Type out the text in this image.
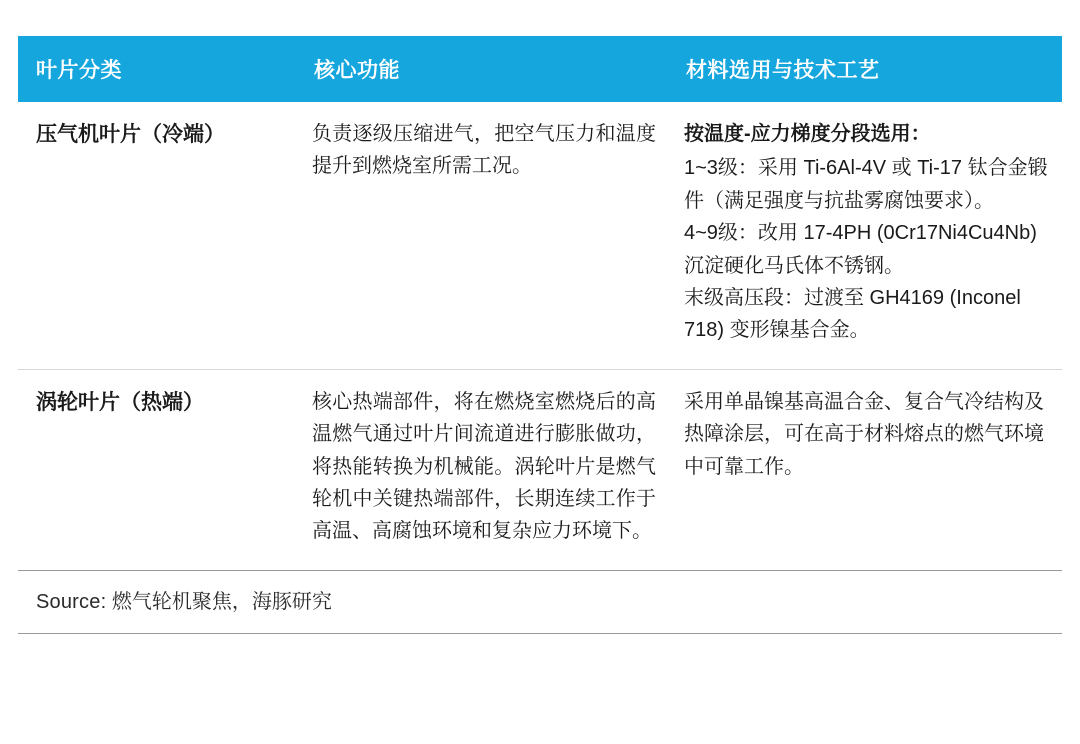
叶片分类	核心功能	材料选用与技术工艺
压气机叶片（冷端）	负责逐级压缩进气，把空气压力和温度提升到燃烧室所需工况。	按温度-应力梯度分段选用：
1~3级：采用 Ti-6Al-4V 或 Ti-17 钛合金锻件（满足强度与抗盐雾腐蚀要求）。
4~9级：改用 17-4PH (0Cr17Ni4Cu4Nb) 沉淀硬化马氏体不锈钢。
末级高压段：过渡至 GH4169 (Inconel 718) 变形镍基合金。

涡轮叶片（热端）	核心热端部件，将在燃烧室燃烧后的高温燃气通过叶片间流道进行膨胀做功，将热能转换为机械能。涡轮叶片是燃气轮机中关键热端部件，长期连续工作于高温、高腐蚀环境和复杂应力环境下。	采用单晶镍基高温合金、复合气冷结构及热障涂层，可在高于材料熔点的燃气环境中可靠工作。
Source: 燃气轮机聚焦，海豚研究
